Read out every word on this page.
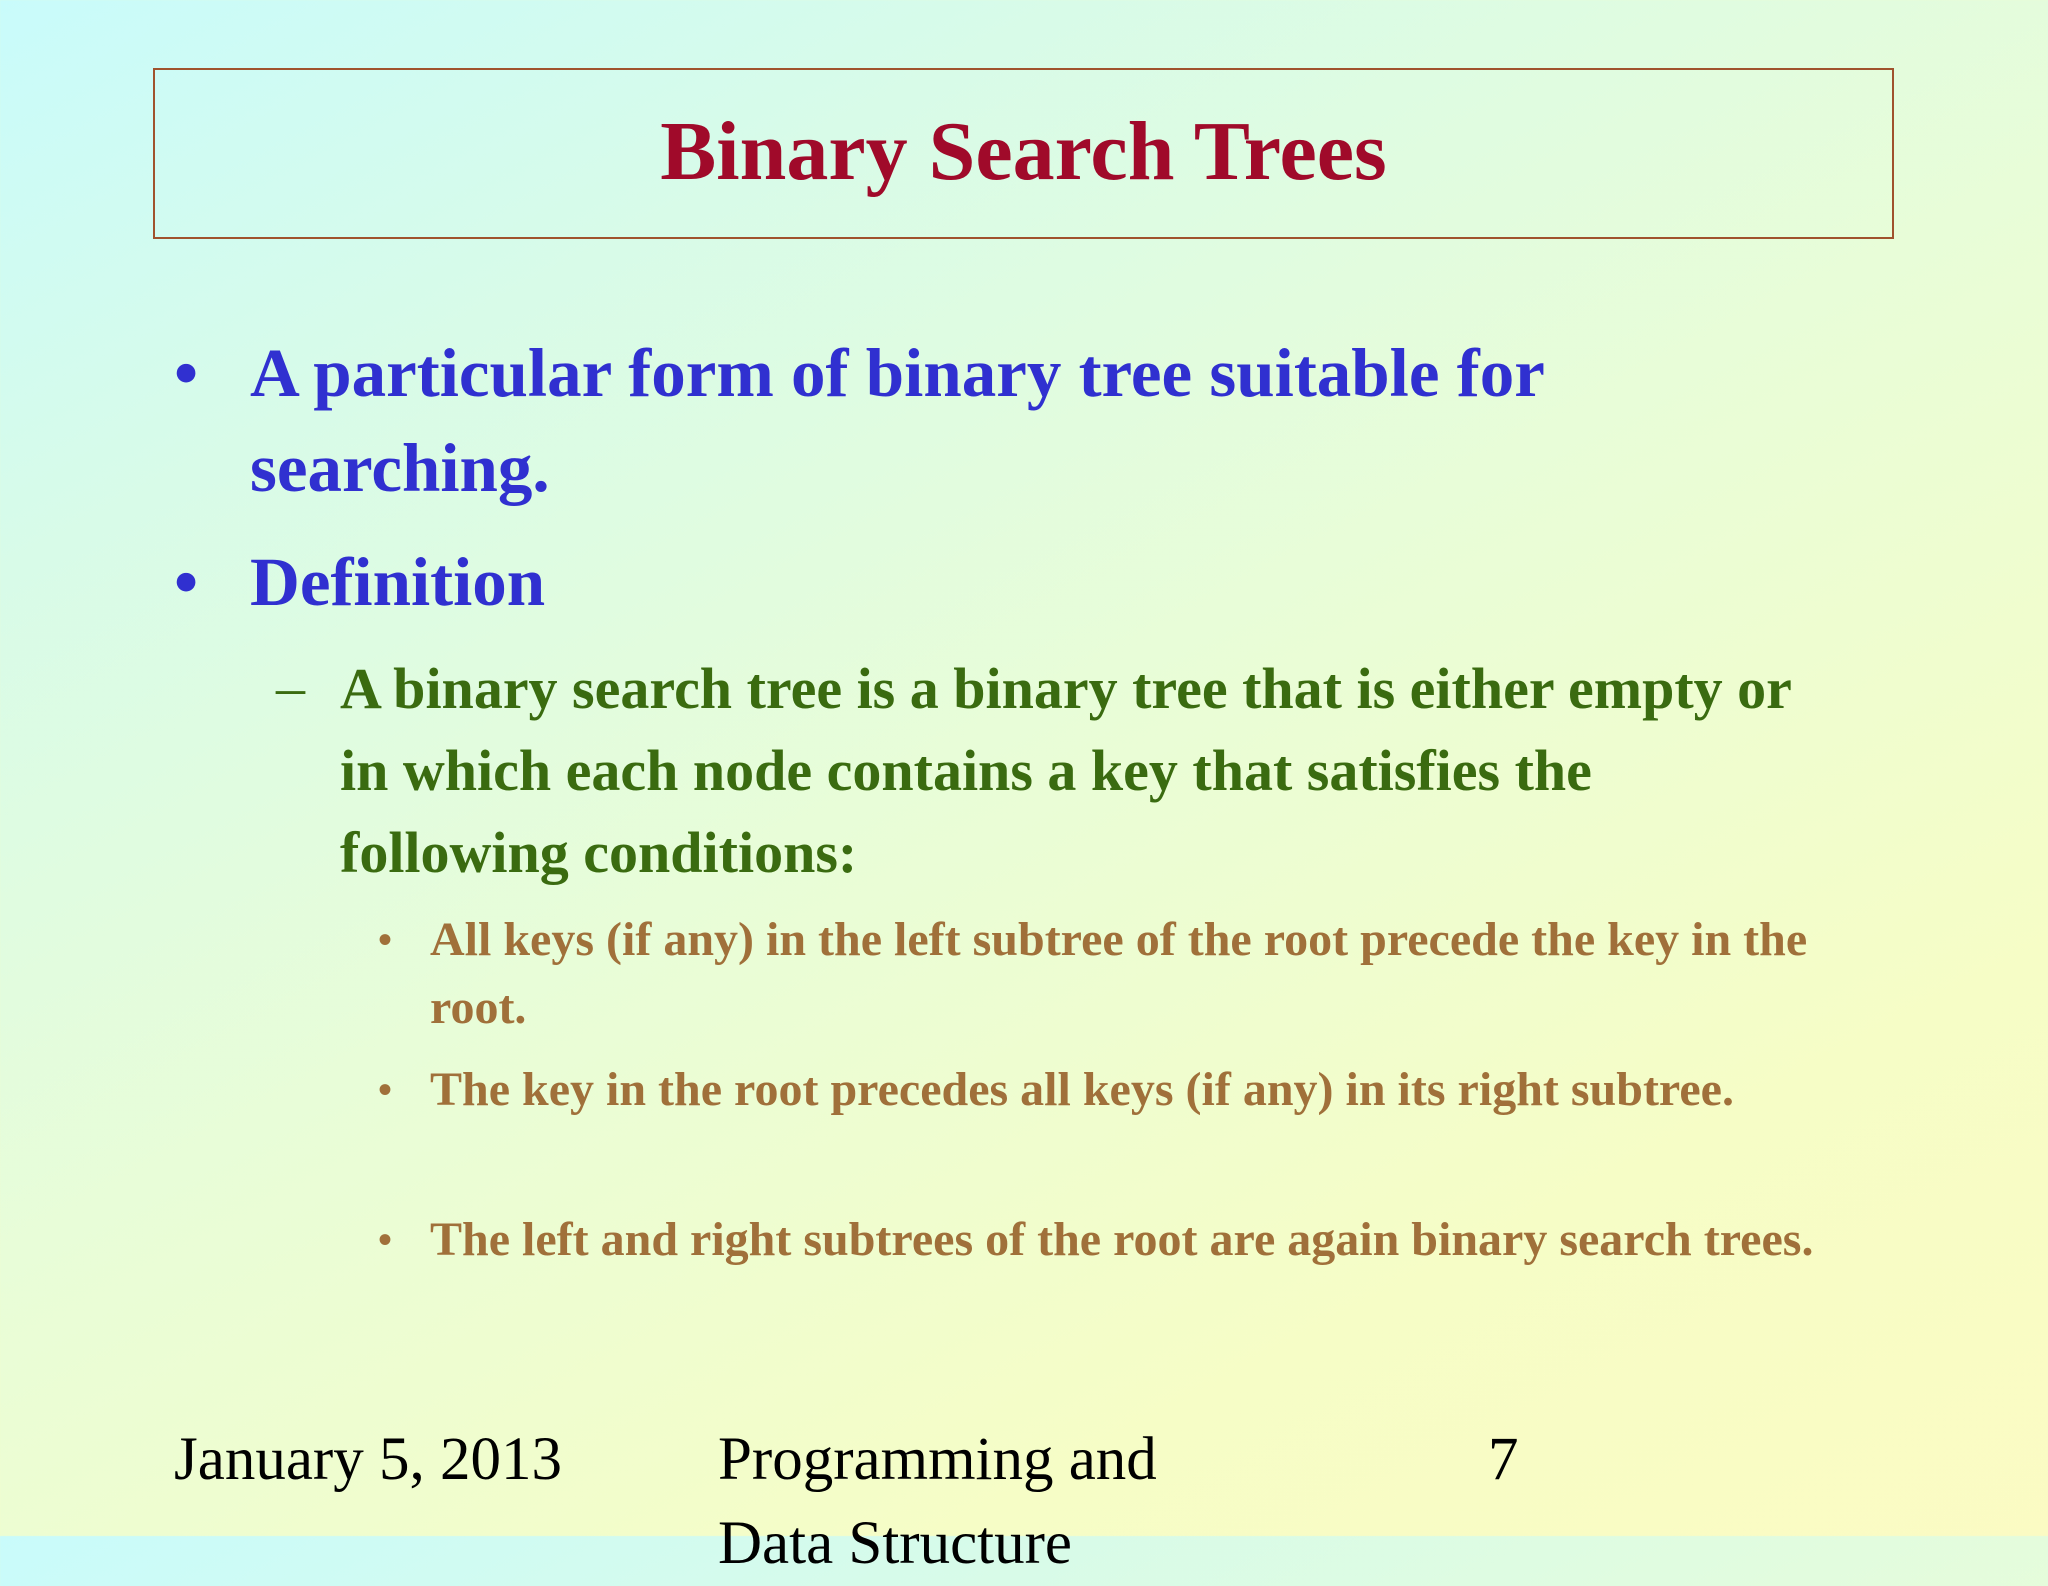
Binary Search Trees
• A particular form of binary tree suitable for searching.
• Definition
– A binary search tree is a binary tree that is either empty or in which each node contains a key that satisfies the following conditions:
• All keys (if any) in the left subtree of the root precede the key in the root.
• The key in the root precedes all keys (if any) in its right subtree.
• The left and right subtrees of the root are again binary search trees.
January 5, 2013	Programming and Data Structure
7
